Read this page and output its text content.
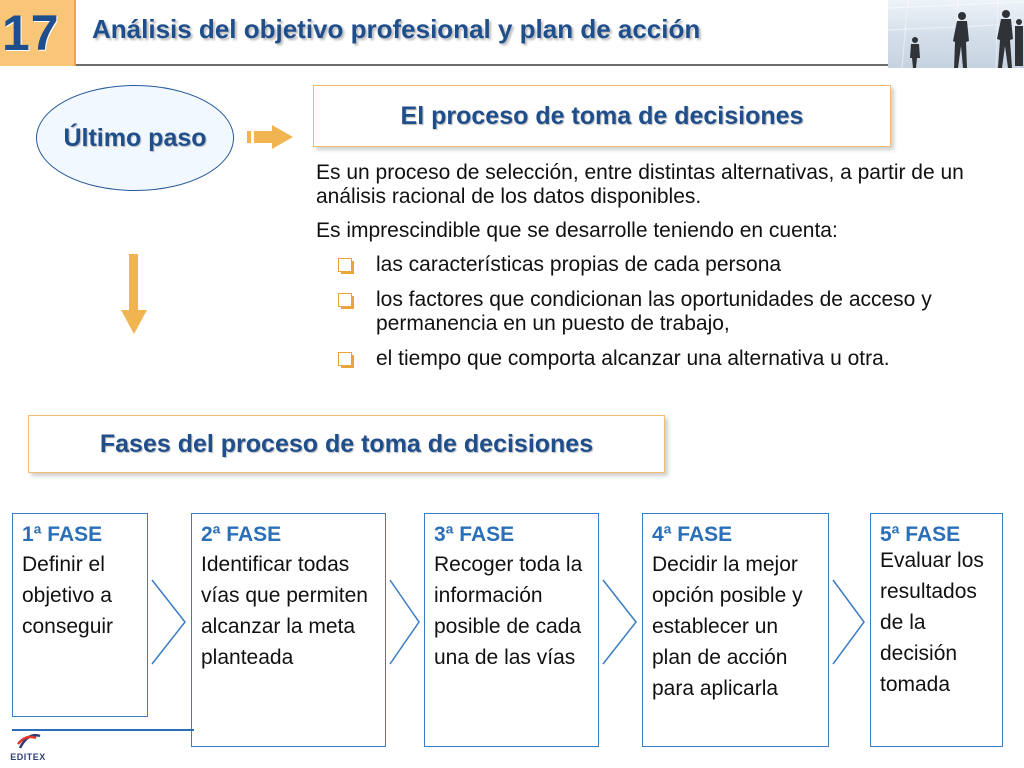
17 Análisis del objetivo profesional y plan de acción
Último paso
El proceso de toma de decisiones

Es un proceso de selección, entre distintas alternativas, a partir de un análisis racional de los datos disponibles.

Es imprescindible que se desarrolle teniendo en cuenta:

las características propias de cada persona
los factores que condicionan las oportunidades de acceso y permanencia en un puesto de trabajo,
el tiempo que comporta alcanzar una alternativa u otra.
Fases del proceso de toma de decisiones
1ª FASE
Definir el objetivo a conseguir
2ª FASE
Identificar todas vías que permiten alcanzar la meta planteada
3ª FASE
Recoger toda la información posible de cada una de las vías
4ª FASE
Decidir la mejor opción posible y establecer un plan de acción para aplicarla
5ª FASE
Evaluar los resultados de la decisión tomada
EDITEX
